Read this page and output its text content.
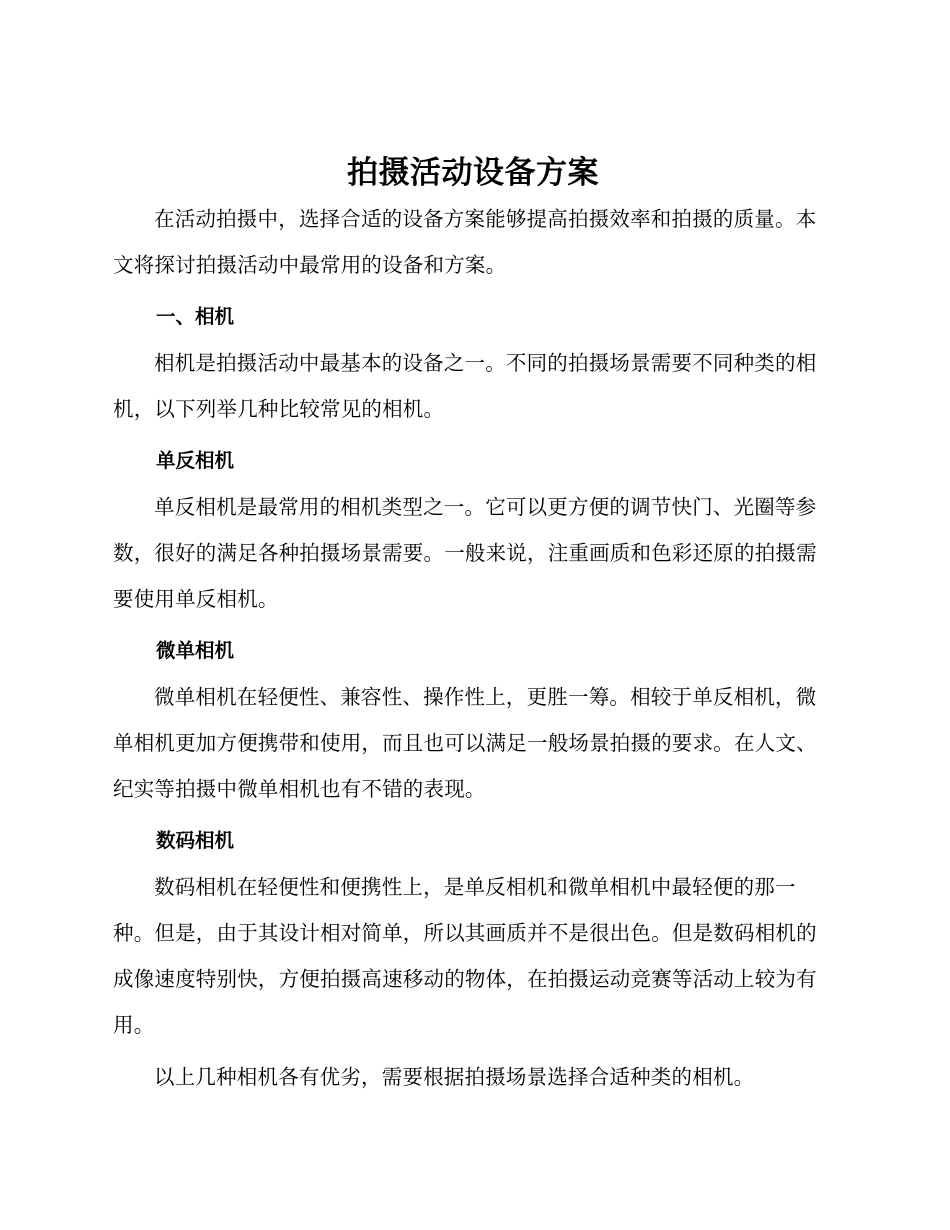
拍摄活动设备方案

在活动拍摄中，选择合适的设备方案能够提高拍摄效率和拍摄的质量。本文将探讨拍摄活动中最常用的设备和方案。

一、相机

相机是拍摄活动中最基本的设备之一。不同的拍摄场景需要不同种类的相机，以下列举几种比较常见的相机。

单反相机

单反相机是最常用的相机类型之一。它可以更方便的调节快门、光圈等参数，很好的满足各种拍摄场景需要。一般来说，注重画质和色彩还原的拍摄需要使用单反相机。

微单相机

微单相机在轻便性、兼容性、操作性上，更胜一筹。相较于单反相机，微单相机更加方便携带和使用，而且也可以满足一般场景拍摄的要求。在人文、纪实等拍摄中微单相机也有不错的表现。

数码相机

数码相机在轻便性和便携性上，是单反相机和微单相机中最轻便的那一种。但是，由于其设计相对简单，所以其画质并不是很出色。但是数码相机的成像速度特别快，方便拍摄高速移动的物体，在拍摄运动竞赛等活动上较为有用。

以上几种相机各有优劣，需要根据拍摄场景选择合适种类的相机。
